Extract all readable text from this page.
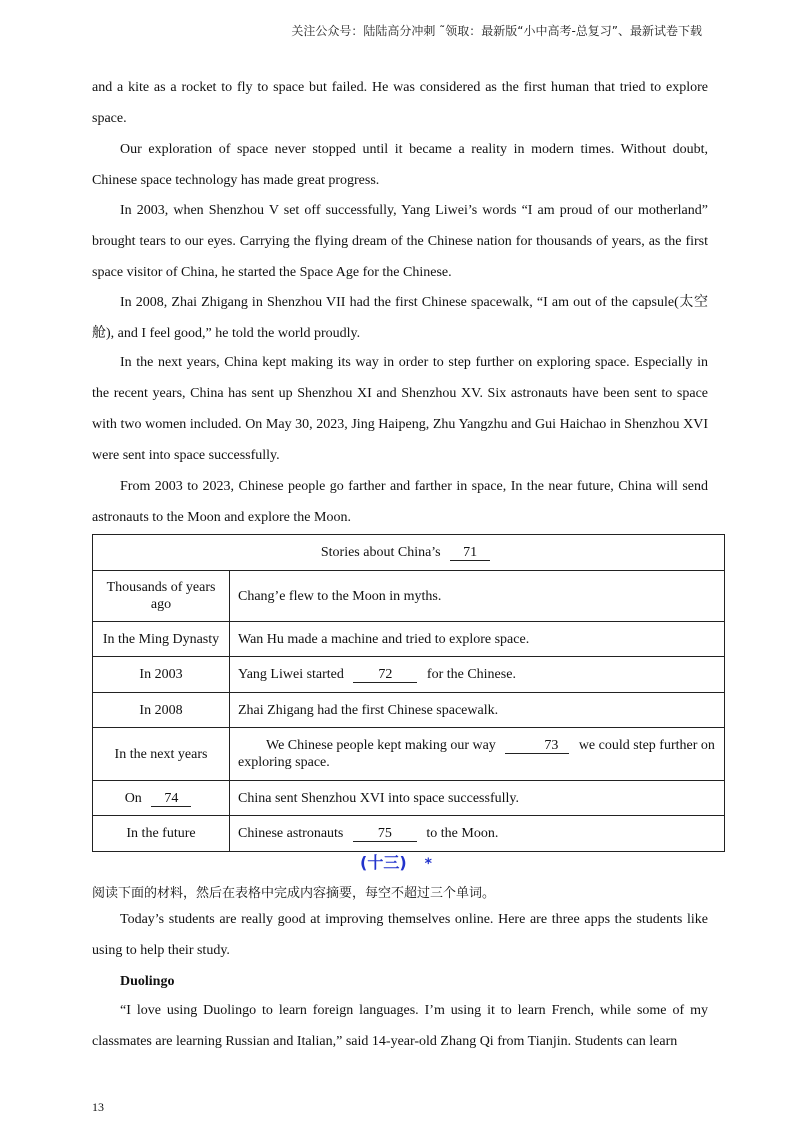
关注公众号：陆陆高分冲刺 ˜领取：最新版“小中高考-总复习”、最新试卷下载
and a kite as a rocket to fly to space but failed. He was considered as the first human that tried to explore space.
Our exploration of space never stopped until it became a reality in modern times. Without doubt, Chinese space technology has made great progress.
In 2003, when Shenzhou V set off successfully, Yang Liwei’s words “I am proud of our motherland” brought tears to our eyes. Carrying the flying dream of the Chinese nation for thousands of years, as the first space visitor of China, he started the Space Age for the Chinese.
In 2008, Zhai Zhigang in Shenzhou VII had the first Chinese spacewalk, “I am out of the capsule(太空舱), and I feel good,” he told the world proudly.
In the next years, China kept making its way in order to step further on exploring space. Especially in the recent years, China has sent up Shenzhou XI and Shenzhou XV. Six astronauts have been sent to space with two women included. On May 30, 2023, Jing Haipeng, Zhu Yangzhu and Gui Haichao in Shenzhou XVI were sent into space successfully.
From 2003 to 2023, Chinese people go farther and farther in space, In the near future, China will send astronauts to the Moon and explore the Moon.
Stories about China’s 71	
Thousands of years ago	Chang’e flew to the Moon in myths.
In the Ming Dynasty	Wan Hu made a machine and tried to explore space.
In 2003	Yang Liwei started 72 for the Chinese.
In 2008	Zhai Zhigang had the first Chinese spacewalk.
In the next years	We Chinese people kept making our way 73 we could step further on exploring space.
On 74	China sent Shenzhou XVI into space successfully.
In the future	Chinese astronauts 75 to the Moon.
(十三) *
阅读下面的材料，然后在表格中完成内容摘要，每空不超过三个单词。
Today’s students are really good at improving themselves online. Here are three apps the students like using to help their study.
Duolingo
“I love using Duolingo to learn foreign languages. I’m using it to learn French, while some of my classmates are learning Russian and Italian,” said 14-year-old Zhang Qi from Tianjin. Students can learn
13
